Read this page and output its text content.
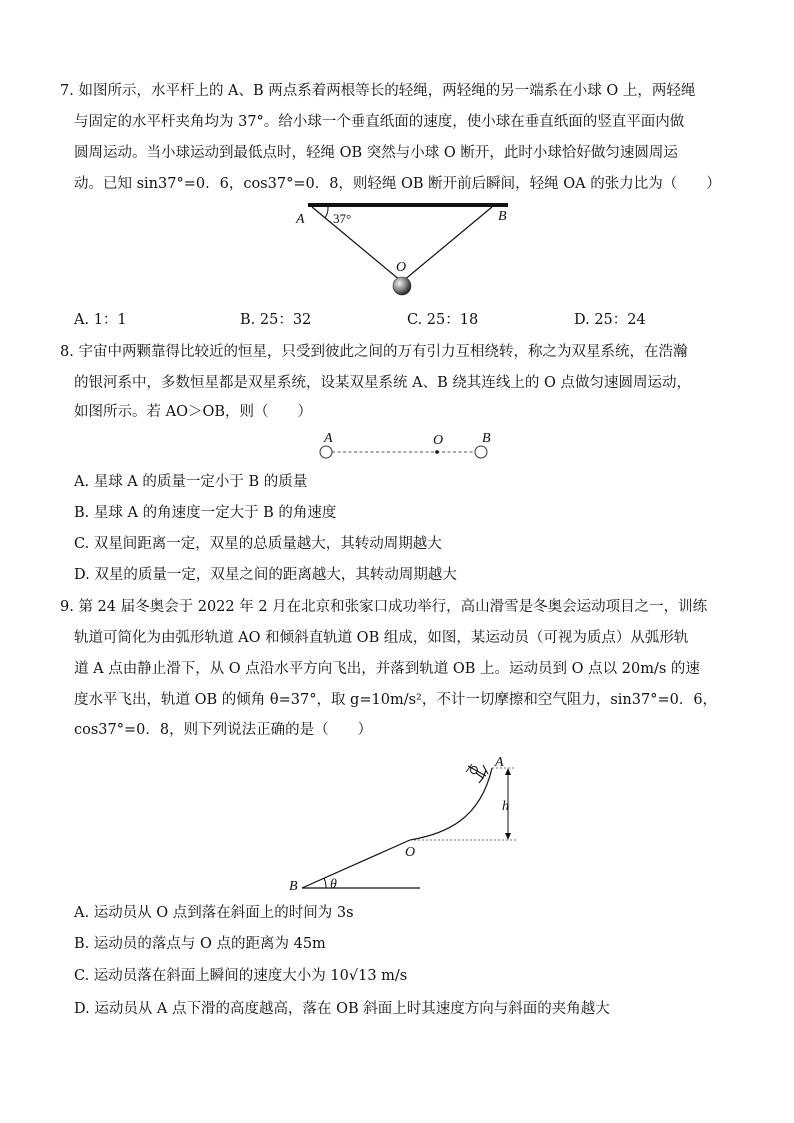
7. 如图所示，水平杆上的 A、B 两点系着两根等长的轻绳，两轻绳的另一端系在小球 O 上，两轻绳
与固定的水平杆夹角均为 37°。给小球一个垂直纸面的速度，使小球在垂直纸面的竖直平面内做
圆周运动。当小球运动到最低点时，轻绳 OB 突然与小球 O 断开，此时小球恰好做匀速圆周运
动。已知 sin37°=0．6，cos37°=0．8，则轻绳 OB 断开前后瞬间，轻绳 OA 的张力比为（　　）
A 37°	B
O
A. 1：1	B. 25：32	C. 25：18	D. 25：24
8. 宇宙中两颗靠得比较近的恒星，只受到彼此之间的万有引力互相绕转，称之为双星系统，在浩瀚
的银河系中，多数恒星都是双星系统，设某双星系统 A、B 绕其连线上的 O 点做匀速圆周运动，
如图所示。若 AO＞OB，则（　　）
A	O	B
A. 星球 A 的质量一定小于 B 的质量
B. 星球 A 的角速度一定大于 B 的角速度
C. 双星间距离一定，双星的总质量越大，其转动周期越大
D. 双星的质量一定，双星之间的距离越大，其转动周期越大
9. 第 24 届冬奥会于 2022 年 2 月在北京和张家口成功举行，高山滑雪是冬奥会运动项目之一，训练
轨道可简化为由弧形轨道 AO 和倾斜直轨道 OB 组成，如图，某运动员（可视为质点）从弧形轨
道 A 点由静止滑下，从 O 点沿水平方向飞出，并落到轨道 OB 上。运动员到 O 点以 20m/s 的速
度水平飞出，轨道 OB 的倾角 θ=37°，取 g=10m/s²，不计一切摩擦和空气阻力，sin37°=0．6，
cos37°=0．8，则下列说法正确的是（　　）
A
h
O
B θ
A. 运动员从 O 点到落在斜面上的时间为 3s
B. 运动员的落点与 O 点的距离为 45m
C. 运动员落在斜面上瞬间的速度大小为 10√13 m/s
D. 运动员从 A 点下滑的高度越高，落在 OB 斜面上时其速度方向与斜面的夹角越大
